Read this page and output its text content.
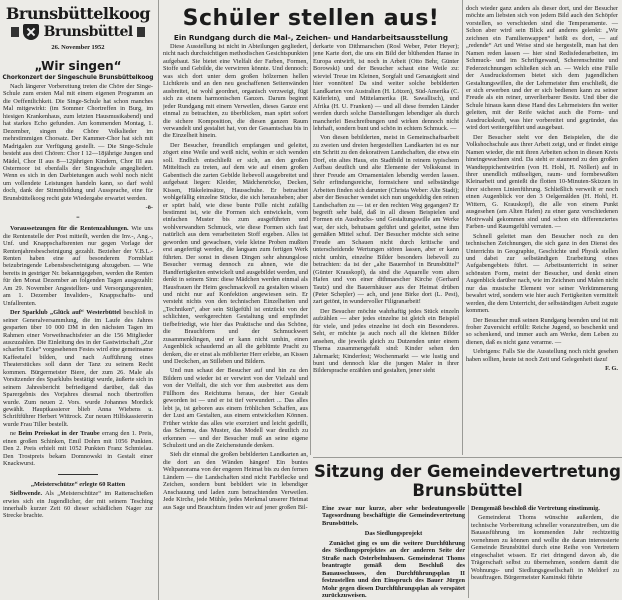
Brunsbüttelkoog
Brunsbüttel
26. November 1952
„Wir singen“
Chorkonzert der Singeschule Brunsbüttelkoog

Nach längerer Vorbereitung treten die Chöre der Singe-Schule zum ersten Mal mit einem eigenen Programm an die Oeffentlichkeit. Die Singe-Schule hat schon manches Mal mitgewirkt: (im Sommer Chortreffen in Burg, im hiesigen Krankenhaus, zum letzten Hausmusikabend) und hat starkes Echo gefunden. Am kommenden Montag, 1. Dezember, singen die Chöre Volkslieder im mehrstimmigen Chorsatz. Der Kammer-Chor hat sich mit Madrigalen zur Verfügung gestellt. — Die Singe-Schule besteht aus drei Chören: Chor I 12—18jährige Jungen und Mädel, Chor II aus 8—12jährigen Kindern, Chor III aus Ostermoor ist ebenfalls der Singeschule angegliedert. Wenn es sich in den Darbietungen auch wohl noch nicht um vollendete Leistungen handeln kann, so darf wohl doch, dank der Stimmbildung und Aussprache, eine für Brunsbüttelkoog recht gute Wiedergabe erwartet werden.

-ö-
≡

Voraussetzungen für die Rentenzahlungen. Wie uns die Rentenstelle der Post mitteilt, werden die Inv.-, Ang.-, Unf. und Knappschaftsrenten nur gegen Vorlage der Rentenjahresbescheinigung gezahlt. Bezieher der V.B.L.-Renten haben eine auf besonderem Formblatt beizubringende Lebensbescheinigung abzugeben. — Wie bereits in gestriger Nr. bekanntgegeben, werden die Renten für den Monat Dezember an folgenden Tagen ausgezahlt: Am 29. November Angestellten- und Versorgungsrenten, am 1. Dezember Invaliden-, Knappschafts- und Unfallrenten.

Der Sparklub „Glück auf“ Westerbüttel beschloß in seiner Generalversammlung, die im Laufe des Jahres gesparten über 10 000 DM in den nächsten Tagen im Rahmen einer Vorweihnachtsfeier an die 156 Mitglieder auszuzahlen. Die Einleitung des in der Gastwirtschaft „Zur scharfen Ecke“ vorgesehenen Festes wird eine gemeinsame Kaffeetafel bilden, und nach Aufführung eines Theaterstückes soll dann der Tanz zu seinem Recht kommen. Bürgermeister Biere, der zum 26. Male als Vorsitzender des Sparklubs bestätigt wurde, äußerte sich in seinem Jahresbericht befriedigend darüber, daß das Sparergebnis des Vorjahres diesmal noch übertroffen wurde. Zum neuen 2. Vors. wurde Johannes Mordick gewählt. Hauptkassierer blieb Anna Wiebens u. Schriftführer Herbert Wittrock. Zur neuen Hilfskassiererin wurde Frau Tiller bestellt.

ne Beim Preisskat in der Traube errang den 1. Preis, einen großen Schinken, Emil Dohrn mit 1056 Punkten. Den 2. Preis erhielt mit 1052 Punkten Franz Schmielau. Den Trostpreis bekam Domnowski in Gestalt einer Knackwurst.

„Meisterschütze“ erlegte 60 Ratten

Sielbwende. Als „Meisterschütze“ im Rattenschießen erwies sich ein Jugendlicher, der mit seinem Tesching innerhalb kurzer Zeit 60 dieser schädlichen Nager zur Strecke brachte.

Schüler stellen aus!
Ein Rundgang durch die Mal-, Zeichen- und Handarbeitsausstellung

Diese Ausstellung ist nicht in Abteilungen gegliedert, nicht nach durchsichtigen methodischen Gesichtspunkten aufgebaut. Sie bietet eine Vielfalt der Farben, Formen, Stoffe und Gebilde, die verwirren könnte. Und dennoch: was sich dort unter dem großen hölzernen hellen Lichtkreis und an den neu geschaffenen Seitenwänden ausbreitet, ist wohl geordnet, organisch verzweigt, fügt sich zu einem harmonischen Ganzen. Darum beginnt jeder Rundgang mit einem Verweilen, dieses Ganze erst einmal zu betrachten, zu überblicken, man spürt sofort die sichere Komposition, die diesen ganzen Raum verwandelt und gestaltet hat, von der Gesamtschau bis in die Einzelheit hinein.

Der Besucher, freundlich empfangen und geleitet, zögert eine Weile und weiß nicht, wohin er sich wenden soll. Endlich entschließt er sich, an den großen Mitteltisch zu treten, auf dem wie auf einem großen Gabentisch die zarten Gebilde liebevoll ausgebreitet und aufgebaut liegen: Kleider, Mädchenröcke, Decken, Kissen, Häkeleinsätze, Hausschuhe. Er betrachtet wohlgefällig einzelne Stücke, die sich herausheben; aber er spürt bald, wie diese bunte Fülle nicht zufällig bestimmt ist, wie die Formen sich entwickeln, vom einfachen Muster bis zum ausgeführten und wohlverwandten Schmuck, wie diese Formen sich fast natürlich aus dem verarbeiteten Stoff ergeben. Alles ist geworden und gewachsen, viele kleine Proben mußten erst angefertigt werden, die langsam zum fertigen Werk führten. Der sonst in diesen Dingen sehr ahnungslose Besucher vermag dennoch zu ahnen, wie die Handfertigkeiten entwickelt und ausgebildet werden, und denkt in seinem Sinn: diese Mädchen werden einmal als Hausfrauen ihr Heim geschmackvoll zu gestalten wissen und nicht nur auf Konfektion angewiesen sein. Er versteht nichts von den technischen Einzelheiten und „Techniken“, aber sein Stilgefühl ist entzückt von der schlichten, werkgerechten Gestaltung und empfindet tiefbefriedigt, wie hier das Praktische und das Schöne, die Brauchform und der Schmuckwert zusammenklingen, und er kann nicht umhin, einen Augenblick schaudernd an all die geblümte Pracht zu denken, die er einst als möblierter Herr erlebte, an Kissen und Deckchen, an Stilleben und Bildern.

Und nun schaut der Besucher auf und hin zu den Bildern und wieder ist er verwirrt von der Vielzahl und von der Vielfalt, die sich vor ihm ausbreitet aus dem Füllhorn des Reichtums heraus, der hier Gestalt geworden ist — und er ist tief verwundert ... Das alles lebt ja, ist geboren aus einem fröhlichen Schaffen, aus der Lust am Gestalten, aus einem entwickelten Können. Früher wirkte das alles wie exerziert und leicht gedrillt, das Schema, das Muster, das Modell war deutlich zu erkennen — und der Besucher muß an seine eigene Schulzeit und an die Zeichenstunde denken.

Sieh dir einmal die großen bebilderten Landkarten an, die dort an den Wänden hängen! Ein buntes Weltpanorama von der engeren Heimat bis zu den fernen Ländern — die Landschaften sind nicht Farbflecke und Zeichen, sondern bunt bebildert wie in lebendiger Anschauung und laden zum betrachtenden Verweilen. Jede Kirche, jede Mühle, jedes Merkmal unserer Heimat aus Sage und Brauchtum finden wir auf jener großen Bil-

derkarte von Dithmarschen (Rosl Weber, Peter Heyer); jene Karte dort, die uns ein Bild der blühenden Hanse in Europa entwirft, ist noch in Arbeit (Otto Behr, Günter Borowski) und der Besucher schaut eine Weile zu: wieviel Treue im Kleinen, Sorgfalt und Genauigkeit sind hier vonnöten! Da sind weiter solche bebilderten Landkarten von Australien (H. Lötzen), Süd-Amerika (C. Käferlein), und Mittelamerika (R. Sawallisch), und Afrika (H. U. Franken) — und all diese fremden Länder werden durch solche Darstellungen lebendiger als durch mancherlei Beschreibungen und wirken dennoch nicht lehrhaft, sondern bunt und schön in echtem Schmuck. —

Von diesen bebilderten, meist in Gemeinschaftsarbeit zu zweien und dreien hergestellten Landkarten ist es nur ein Schritt zu den dekorativen Landschaften, die etwa ein Dorf, ein altes Haus, ein Stadtbild in reinem typischem Aufbau deutlich und alte Elemente der Volkskunst in ihrer Freude am Ornamentalen lebendig werden lassen. Sehr erfindungsreiche, formsichere und selbständige Arbeiten finden sich darunter (Christa Weber: Alte Stadt); aber der Besucher wendet sich nun ungeduldig den reinen Landschaften zu — ist er den rechten Weg gegangen? Er begreift sehr bald, daß in all diesen Beispielen und Formen ein Ausdrucks- und Gestaltungswille am Werke war, der sich, behutsam geführt und geleitet, seine ihm gemäßen Mittel schuf. Der Besucher möchte sich seine Freude am Schauen nicht durch kritische und unterscheidende Wertungen stören lassen, aber er kann nicht umhin, einzelne Bilder besonders liebevoll zu betrachten: da ist der „alte Bauernhof in Brunsbüttel“ (Günter Krauskopf), da sind die Aquarelle vom alten Hafen und von einer dithmarscher Kirche (Gerhard Tautz) und die Bauernhäuser aus der Heimat drüben (Peter Schepler) — ach, und jene Birke dort (L. Pest), zart getönt, in wundervoller Filigranarbeit!

Der Besucher möchte wahrhaftig jedes Stück einzeln aufzählen — aber jedes einzelne ist gleich ein Beispiel für viele, und jedes einzelne ist doch ein Besonderes. Seht, er möchte ja auch noch all die kleinen Bilder ansehen, die jeweils gleich zu Dutzenden unter einem Thema zusammengefaßt sind: Kinder sehen den Jahrmarkt; Kinderfest; Wochenmarkt — wie lustig und bunt und dennoch klar die jungen Maler in ihrer Bildersprache erzählen und gestalten, jener sieht

doch wieder ganz anders als dieser dort, und der Besucher möchte am liebsten sich von jedem Bild auch den Schöpfer vorstellen, so verschieden sind die Temperamente. — Schon aber wird sein Blick auf anderes gelenkt: „Wir zeichnen ein Familienwappen“ heißt es dort, — auf „redende“ Art und Weise sind sie hergestellt, man hat den Namen reden lassen — hier sind Redisfederarbeiten, im Schmuck- und im Schriftgewand, Scherenschnitte und Federzeichnungen schließen sich an. — Welch eine Fülle der Ausdrucksformen bietet sich dem jugendlichen Gestaltungswillen, die der Lehrmeister ihm erschließt, die er sich erwerben und der er sich bedienen kann zu seiner Freude als ein reiner, unverlierbarer Besitz. Und über die Schule hinaus kann diese Hand des Lehrmeisters ihn weiter geleiten, mit der Reife wächst auch die Form- und Ausdruckskraft, was hier vorbereitet und gegründet, das wird dort weitergeführt und ausgebaut.

Der Besucher steht vor den Beispielen, die die Volkshochschule aus ihrer Arbeit zeigt, und er findet einige Namen wieder, die mit ihren Arbeiten schon in diesen Kreis hineingewachsen sind. Da steht er staunend zu den großen Wandteppichentwürfen (von H. Hohl, H. Nölleri) auf in ihrer unendlich mühseligen, raum- und formbewußten Kleinarbeit und genießt die flotten 10-Minuten-Skizzen in ihrer sicheren Linienführung. Schließlich verweilt er noch einen Augenblick vor den 3 Oelgemälden (H. Hohl, H. Wittern, G. Krauskopf), die alle von einem Punkt ausgesehen (am Alten Hafen) zu einer ganz verschiedenen Motivwahl gekommen sind und schon ein differenziertes Farben- und Raumgefühl verraten. —

Schnell geleitet man den Besucher noch zu den technischen Zeichnungen, die sich ganz in den Dienst des Unterrichts in Geographie, Geschichte und Physik stellen und dabei zur selbständigen Erarbeitung eines Aufgabengebiets führt. — Arbeitsunterricht in seiner schönsten Form, meint der Besucher, und denkt einen Augenblick darüber nach, wie im Zeichnen und Malen nicht nur das musische Element vor seiner Verkümmerung bewahrt wird, sondern wie hier auch Fertigkeiten vermittelt werden, die dem Unterricht, der selbständigen Arbeit zugute kommen.

Der Besucher muß seinen Rundgang beenden und ist mit froher Zuversicht erfüllt: Reiche Jugend, so beschenkt und so schenkend, und immer auch am Werke, dem Leben zu dienen, daß es nicht ganz verarme. —

Uebrigens: Falls Sie die Ausstellung noch nicht gesehen haben sollten, heute ist noch Zeit und Gelegenheit dazu!

F. G.
Sitzung der Gemeindevertretung
Brunsbüttel

Eine zwar nur kurze, aber sehr bedeutungsvolle Tagesordnung beschäftigte die Gemeindevertretung Brunsbüttels.

Das Siedlungsprojekt

Zunächst ging es um die weitere Durchführung des Siedlungsprojektes an der anderen Seite der Straße nach Osterbelmhusen. Gemeinderat Thoms beantragte gemäß dem Beschluß des Bauausschusses, den Durchführungsplan II festzustellen und den Einspruch des Bauer Jürgen Mohr gegen diesen Durchführungsplan als verspätet zurückzuweisen.

Demgemäß beschloß die Vertretung einstimmig.

Gemeinderat Thoms wünschte außerdem, die technische Vorbereitung schneller voranzutreiben, um die Bauausführung im kommenden Jahr rechtzeitig vornehmen zu können und wollte die daran interessierte Gemeinde Brunsbüttel durch eine Reihe von Vertretern eingeschaltet wissen. Er riet dringend davon ab, die Trägerschaft selbst zu übernehmen, sondern damit die Wohnungs- und Siedlungsgesellschaft in Meldorf zu beauftragen. Bürgermeister Kaminski führte
